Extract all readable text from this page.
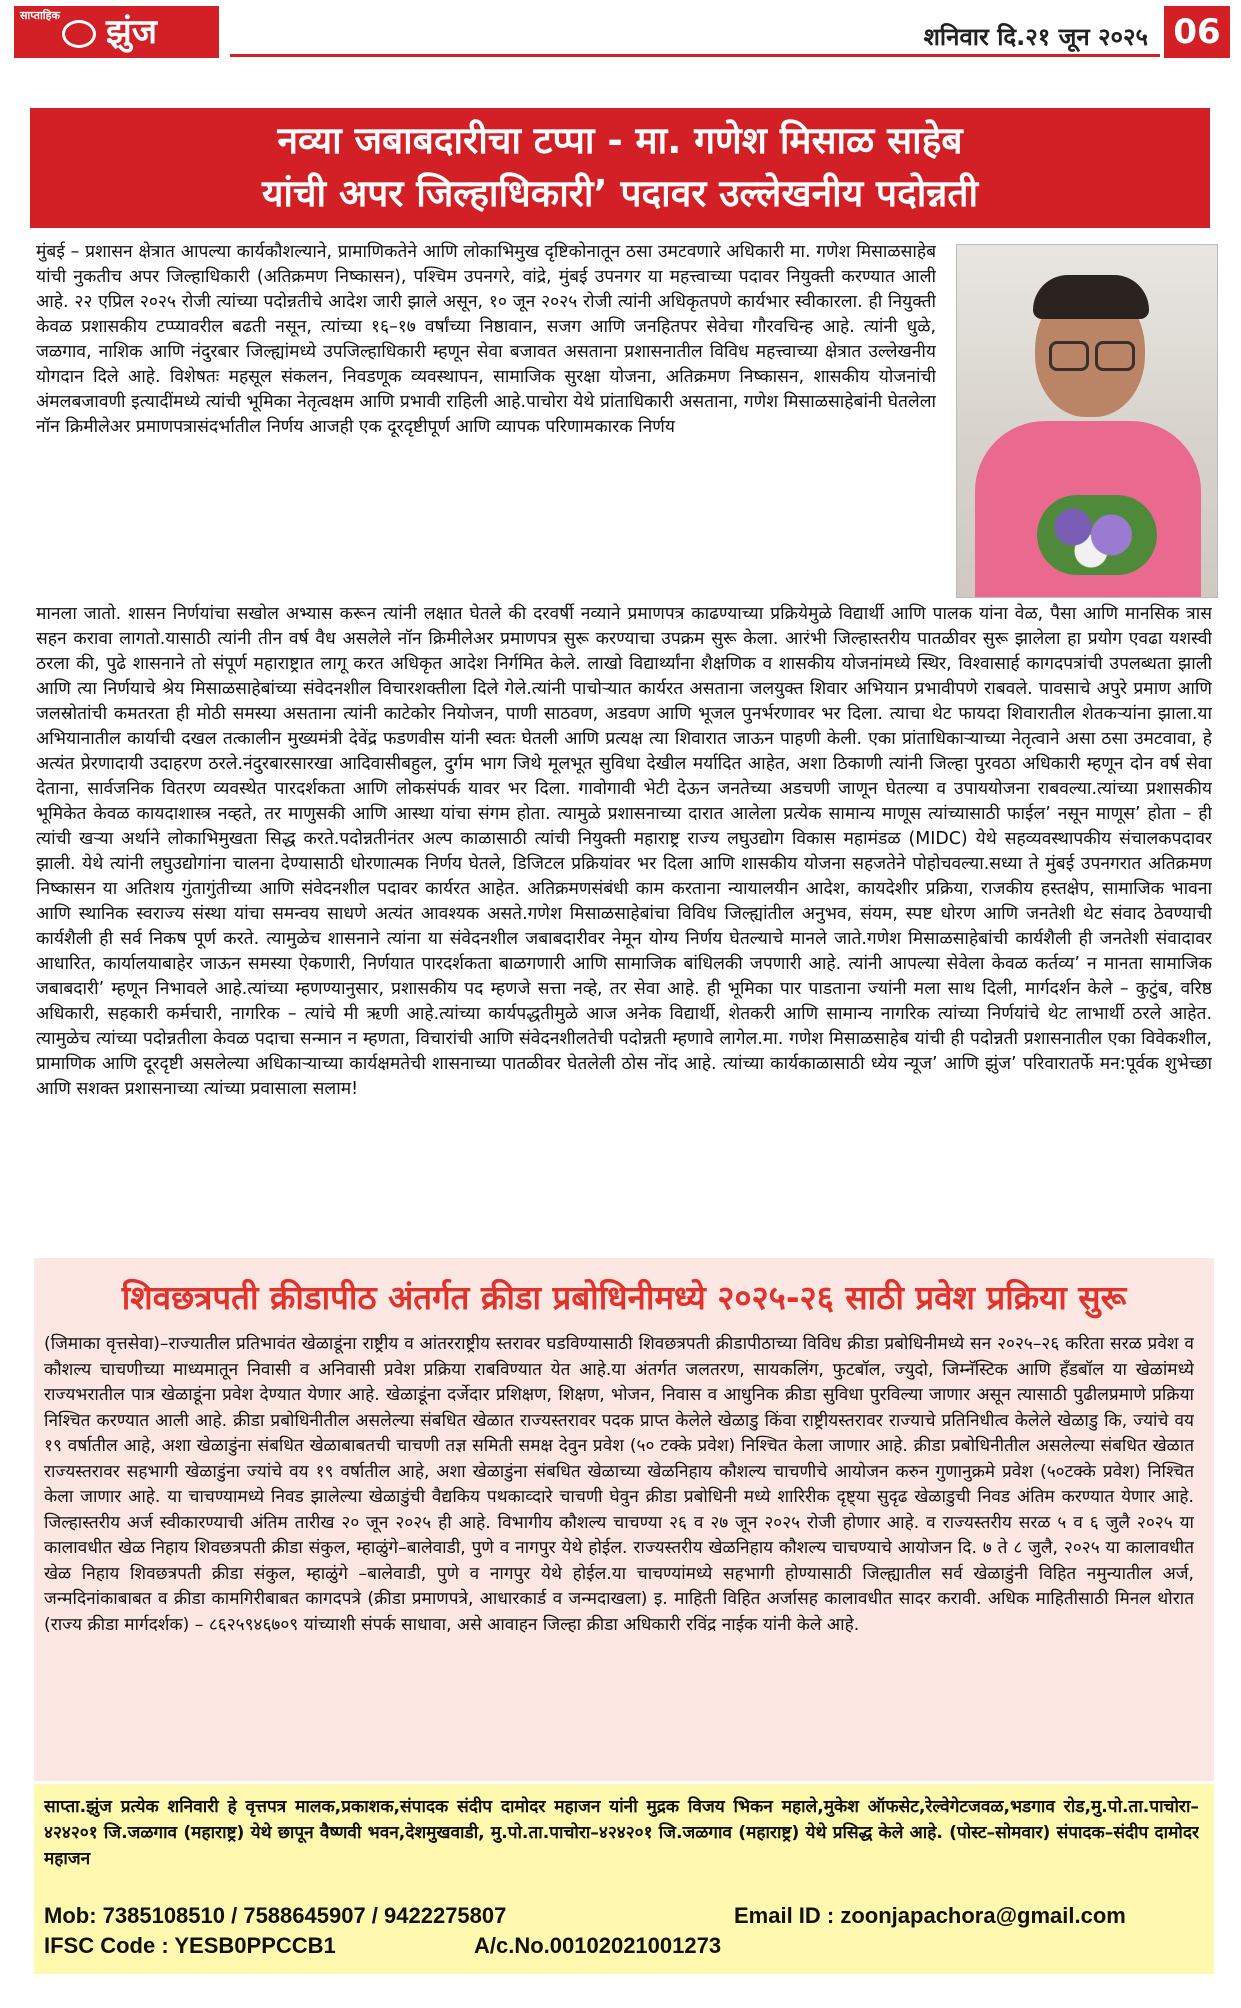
साप्ताहिक झुंज	शनिवार दि.२१ जून २०२५ 06
नव्या जबाबदारीचा टप्पा - मा. गणेश मिसाळ साहेब
यांची अपर जिल्हाधिकारी’ पदावर उल्लेखनीय पदोन्नती

मुंबई – प्रशासन क्षेत्रात आपल्या कार्यकौशल्याने, प्रामाणिकतेने आणि लोकाभिमुख दृष्टिकोनातून ठसा उमटवणारे अधिकारी मा. गणेश मिसाळसाहेब यांची नुकतीच अपर जिल्हाधिकारी (अतिक्रमण निष्कासन), पश्चिम उपनगरे, वांद्रे, मुंबई उपनगर या महत्त्वाच्या पदावर नियुक्ती करण्यात आली आहे. २२ एप्रिल २०२५ रोजी त्यांच्या पदोन्नतीचे आदेश जारी झाले असून, १० जून २०२५ रोजी त्यांनी अधिकृतपणे कार्यभार स्वीकारला. ही नियुक्ती केवळ प्रशासकीय टप्प्यावरील बढती नसून, त्यांच्या १६–१७ वर्षांच्या निष्ठावान, सजग आणि जनहितपर सेवेचा गौरवचिन्ह आहे. त्यांनी धुळे, जळगाव, नाशिक आणि नंदुरबार जिल्ह्यांमध्ये उपजिल्हाधिकारी म्हणून सेवा बजावत असताना प्रशासनातील विविध महत्त्वाच्या क्षेत्रात उल्लेखनीय योगदान दिले आहे. विशेषतः महसूल संकलन, निवडणूक व्यवस्थापन, सामाजिक सुरक्षा योजना, अतिक्रमण निष्कासन, शासकीय योजनांची अंमलबजावणी इत्यादींमध्ये त्यांची भूमिका नेतृत्वक्षम आणि प्रभावी राहिली आहे.पाचोरा येथे प्रांताधिकारी असताना, गणेश मिसाळसाहेबांनी घेतलेला नॉन क्रिमीलेअर प्रमाणपत्रासंदर्भातील निर्णय आजही एक दूरदृष्टीपूर्ण आणि व्यापक परिणामकारक निर्णय

मानला जातो. शासन निर्णयांचा सखोल अभ्यास करून त्यांनी लक्षात घेतले की दरवर्षी नव्याने प्रमाणपत्र काढण्याच्या प्रक्रियेमुळे विद्यार्थी आणि पालक यांना वेळ, पैसा आणि मानसिक त्रास सहन करावा लागतो.यासाठी त्यांनी तीन वर्ष वैध असलेले नॉन क्रिमीलेअर प्रमाणपत्र सुरू करण्याचा उपक्रम सुरू केला. आरंभी जिल्हास्तरीय पातळीवर सुरू झालेला हा प्रयोग एवढा यशस्वी ठरला की, पुढे शासनाने तो संपूर्ण महाराष्ट्रात लागू करत अधिकृत आदेश निर्गमित केले. लाखो विद्यार्थ्यांना शैक्षणिक व शासकीय योजनांमध्ये स्थिर, विश्वासार्ह कागदपत्रांची उपलब्धता झाली आणि त्या निर्णयाचे श्रेय मिसाळसाहेबांच्या संवेदनशील विचारशक्तीला दिले गेले.त्यांनी पाचोऱ्यात कार्यरत असताना जलयुक्त शिवार अभियान प्रभावीपणे राबवले. पावसाचे अपुरे प्रमाण आणि जलस्रोतांची कमतरता ही मोठी समस्या असताना त्यांनी काटेकोर नियोजन, पाणी साठवण, अडवण आणि भूजल पुनर्भरणावर भर दिला. त्याचा थेट फायदा शिवारातील शेतकऱ्यांना झाला.या अभियानातील कार्याची दखल तत्कालीन मुख्यमंत्री देवेंद्र फडणवीस यांनी स्वतः घेतली आणि प्रत्यक्ष त्या शिवारात जाऊन पाहणी केली. एका प्रांताधिकाऱ्याच्या नेतृत्वाने असा ठसा उमटवावा, हे अत्यंत प्रेरणादायी उदाहरण ठरले.नंदुरबारसारखा आदिवासीबहुल, दुर्गम भाग जिथे मूलभूत सुविधा देखील मर्यादित आहेत, अशा ठिकाणी त्यांनी जिल्हा पुरवठा अधिकारी म्हणून दोन वर्ष सेवा देताना, सार्वजनिक वितरण व्यवस्थेत पारदर्शकता आणि लोकसंपर्क यावर भर दिला. गावोगावी भेटी देऊन जनतेच्या अडचणी जाणून घेतल्या व उपाययोजना राबवल्या.त्यांच्या प्रशासकीय भूमिकेत केवळ कायदाशास्त्र नव्हते, तर माणुसकी आणि आस्था यांचा संगम होता. त्यामुळे प्रशासनाच्या दारात आलेला प्रत्येक सामान्य माणूस त्यांच्यासाठी फाईल’ नसून माणूस’ होता – ही त्यांची खऱ्या अर्थाने लोकाभिमुखता सिद्ध करते.पदोन्नतीनंतर अल्प काळासाठी त्यांची नियुक्ती महाराष्ट्र राज्य लघुउद्योग विकास महामंडळ (MIDC) येथे सहव्यवस्थापकीय संचालकपदावर झाली. येथे त्यांनी लघुउद्योगांना चालना देण्यासाठी धोरणात्मक निर्णय घेतले, डिजिटल प्रक्रियांवर भर दिला आणि शासकीय योजना सहजतेने पोहोचवल्या.सध्या ते मुंबई उपनगरात अतिक्रमण निष्कासन या अतिशय गुंतागुंतीच्या आणि संवेदनशील पदावर कार्यरत आहेत. अतिक्रमणसंबंधी काम करताना न्यायालयीन आदेश, कायदेशीर प्रक्रिया, राजकीय हस्तक्षेप, सामाजिक भावना आणि स्थानिक स्वराज्य संस्था यांचा समन्वय साधणे अत्यंत आवश्यक असते.गणेश मिसाळसाहेबांचा विविध जिल्ह्यांतील अनुभव, संयम, स्पष्ट धोरण आणि जनतेशी थेट संवाद ठेवण्याची कार्यशैली ही सर्व निकष पूर्ण करते. त्यामुळेच शासनाने त्यांना या संवेदनशील जबाबदारीवर नेमून योग्य निर्णय घेतल्याचे मानले जाते.गणेश मिसाळसाहेबांची कार्यशैली ही जनतेशी संवादावर आधारित, कार्यालयाबाहेर जाऊन समस्या ऐकणारी, निर्णयात पारदर्शकता बाळगणारी आणि सामाजिक बांधिलकी जपणारी आहे. त्यांनी आपल्या सेवेला केवळ कर्तव्य’ न मानता सामाजिक जबाबदारी’ म्हणून निभावले आहे.त्यांच्या म्हणण्यानुसार, प्रशासकीय पद म्हणजे सत्ता नव्हे, तर सेवा आहे. ही भूमिका पार पाडताना ज्यांनी मला साथ दिली, मार्गदर्शन केले – कुटुंब, वरिष्ठ अधिकारी, सहकारी कर्मचारी, नागरिक – त्यांचे मी ऋणी आहे.त्यांच्या कार्यपद्धतीमुळे आज अनेक विद्यार्थी, शेतकरी आणि सामान्य नागरिक त्यांच्या निर्णयांचे थेट लाभार्थी ठरले आहेत. त्यामुळेच त्यांच्या पदोन्नतीला केवळ पदाचा सन्मान न म्हणता, विचारांची आणि संवेदनशीलतेची पदोन्नती म्हणावे लागेल.मा. गणेश मिसाळसाहेब यांची ही पदोन्नती प्रशासनातील एका विवेकशील, प्रामाणिक आणि दूरदृष्टी असलेल्या अधिकाऱ्याच्या कार्यक्षमतेची शासनाच्या पातळीवर घेतलेली ठोस नोंद आहे. त्यांच्या कार्यकाळासाठी ध्येय न्यूज’ आणि झुंज’ परिवारातर्फे मन:पूर्वक शुभेच्छा आणि सशक्त प्रशासनाच्या त्यांच्या प्रवासाला सलाम!

शिवछत्रपती क्रीडापीठ अंतर्गत क्रीडा प्रबोधिनीमध्ये २०२५-२६ साठी प्रवेश प्रक्रिया सुरू

(जिमाका वृत्तसेवा)–राज्यातील प्रतिभावंत खेळाडूंना राष्ट्रीय व आंतरराष्ट्रीय स्तरावर घडविण्यासाठी शिवछत्रपती क्रीडापीठाच्या विविध क्रीडा प्रबोधिनीमध्ये सन २०२५–२६ करिता सरळ प्रवेश व कौशल्य चाचणीच्या माध्यमातून निवासी व अनिवासी प्रवेश प्रक्रिया राबविण्यात येत आहे.या अंतर्गत जलतरण, सायकलिंग, फुटबॉल, ज्युदो, जिम्नॅस्टिक आणि हँडबॉल या खेळांमध्ये राज्यभरातील पात्र खेळाडूंना प्रवेश देण्यात येणार आहे. खेळाडूंना दर्जेदार प्रशिक्षण, शिक्षण, भोजन, निवास व आधुनिक क्रीडा सुविधा पुरविल्या जाणार असून त्यासाठी पुढीलप्रमाणे प्रक्रिया निश्चित करण्यात आली आहे. क्रीडा प्रबोधिनीतील असलेल्या संबधित खेळात राज्यस्तरावर पदक प्राप्त केलेले खेळाडु किंवा राष्ट्रीयस्तरावर राज्याचे प्रतिनिधीत्व केलेले खेळाडु कि, ज्यांचे वय १९ वर्षातील आहे, अशा खेळाडुंना संबधित खेळाबाबतची चाचणी तज्ञ समिती समक्ष देवुन प्रवेश (५० टक्के प्रवेश) निश्चित केला जाणार आहे. क्रीडा प्रबोधिनीतील असलेल्या संबधित खेळात राज्यस्तरावर सहभागी खेळाडुंना ज्यांचे वय १९ वर्षातील आहे, अशा खेळाडुंना संबधित खेळाच्या खेळनिहाय कौशल्य चाचणीचे आयोजन करुन गुणानुक्रमे प्रवेश (५०टक्के प्रवेश) निश्चित केला जाणार आहे. या चाचण्यामध्ये निवड झालेल्या खेळाडुंची वैद्यकिय पथकाव्दारे चाचणी घेवुन क्रीडा प्रबोधिनी मध्ये शारिरीक दृष्ट्या सुदृढ खेळाडुची निवड अंतिम करण्यात येणार आहे. जिल्हास्तरीय अर्ज स्वीकारण्याची अंतिम तारीख २० जून २०२५ ही आहे. विभागीय कौशल्य चाचण्या २६ व २७ जून २०२५ रोजी होणार आहे. व राज्यस्तरीय सरळ ५ व ६ जुलै २०२५ या कालावधीत खेळ निहाय शिवछत्रपती क्रीडा संकुल, म्हाळुंगे–बालेवाडी, पुणे व नागपुर येथे होईल. राज्यस्तरीय खेळनिहाय कौशल्य चाचण्याचे आयोजन दि. ७ ते ८ जुलै, २०२५ या कालावधीत खेळ निहाय शिवछत्रपती क्रीडा संकुल, म्हाळुंगे –बालेवाडी, पुणे व नागपुर येथे होईल.या चाचण्यांमध्ये सहभागी होण्यासाठी जिल्ह्यातील सर्व खेळाडुंनी विहित नमुन्यातील अर्ज, जन्मदिनांकाबाबत व क्रीडा कामगिरीबाबत कागदपत्रे (क्रीडा प्रमाणपत्रे, आधारकार्ड व जन्मदाखला) इ. माहिती विहित अर्जासह कालावधीत सादर करावी. अधिक माहितीसाठी मिनल थोरात (राज्य क्रीडा मार्गदर्शक) – ८६२५९४६७०९ यांच्याशी संपर्क साधावा, असे आवाहन जिल्हा क्रीडा अधिकारी रविंद्र नाईक यांनी केले आहे.

साप्ता.झुंज प्रत्येक शनिवारी हे वृत्तपत्र मालक,प्रकाशक,संपादक संदीप दामोदर महाजन यांनी मुद्रक विजय भिकन महाले,मुकेश ऑफसेट,रेल्वेगेटजवळ,भडगाव रोड,मु.पो.ता.पाचोरा–४२४२०१ जि.जळगाव (महाराष्ट्र) येथे छापून वैष्णवी भवन,देशमुखवाडी, मु.पो.ता.पाचोरा–४२४२०१ जि.जळगाव (महाराष्ट्र) येथे प्रसिद्ध केले आहे. (पोस्ट–सोमवार) संपादक–संदीप दामोदर महाजन

Mob: 7385108510 / 7588645907 / 9422275807	Email ID : zoonjapachora@gmail.com
IFSC Code : YESB0PPCCB1	A/c.No.00102021001273
